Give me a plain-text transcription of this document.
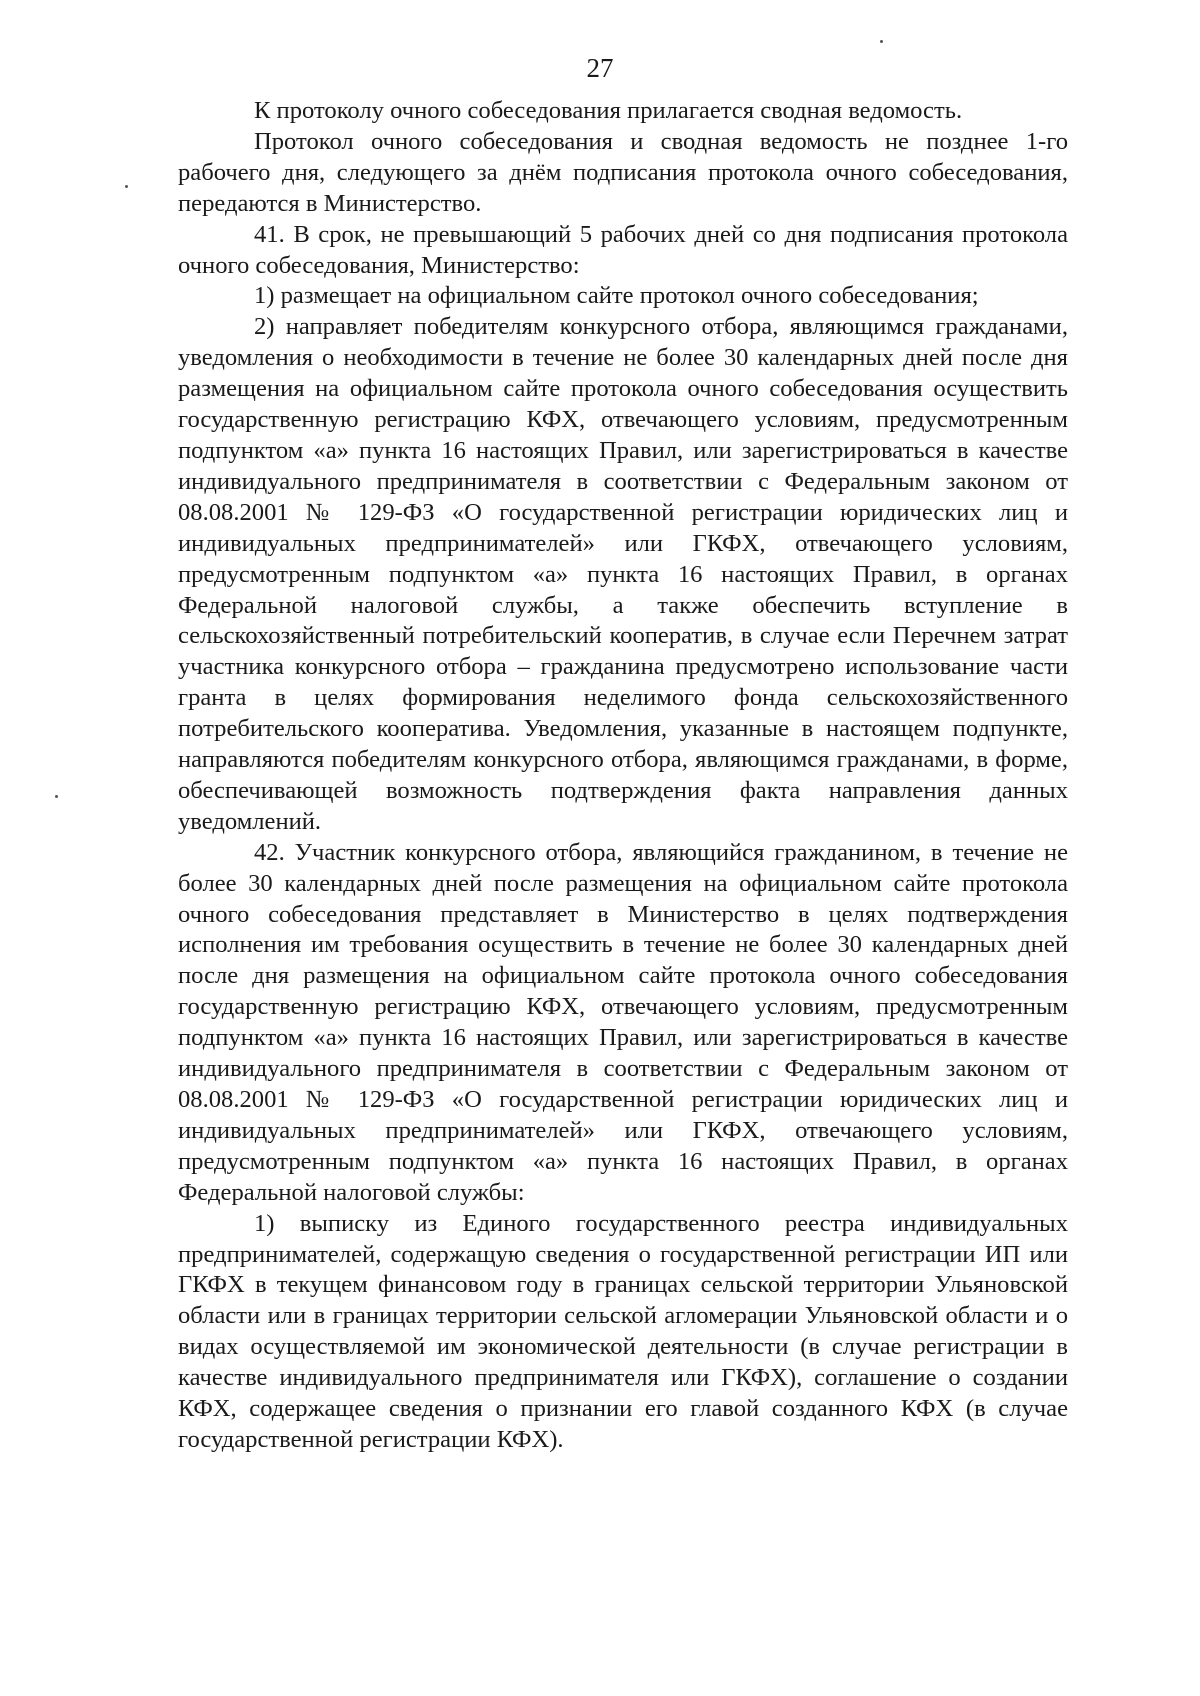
27

К протоколу очного собеседования прилагается сводная ведомость.

Протокол очного собеседования и сводная ведомость не позднее 1-го рабочего дня, следующего за днём подписания протокола очного собеседования, передаются в Министерство.

41. В срок, не превышающий 5 рабочих дней со дня подписания протокола очного собеседования, Министерство:

1) размещает на официальном сайте протокол очного собеседования;

2) направляет победителям конкурсного отбора, являющимся гражданами, уведомления о необходимости в течение не более 30 календарных дней после дня размещения на официальном сайте протокола очного собеседования осуществить государственную регистрацию КФХ, отвечающего условиям, предусмотренным подпунктом «а» пункта 16 настоящих Правил, или зарегистрироваться в качестве индивидуального предпринимателя в соответствии с Федеральным законом от 08.08.2001 № 129-ФЗ «О государственной регистрации юридических лиц и индивидуальных предпринимателей» или ГКФХ, отвечающего условиям, предусмотренным подпунктом «а» пункта 16 настоящих Правил, в органах Федеральной налоговой службы, а также обеспечить вступление в сельскохозяйственный потребительский кооператив, в случае если Перечнем затрат участника конкурсного отбора – гражданина предусмотрено использование части гранта в целях формирования неделимого фонда сельскохозяйственного потребительского кооператива. Уведомления, указанные в настоящем подпункте, направляются победителям конкурсного отбора, являющимся гражданами, в форме, обеспечивающей возможность подтверждения факта направления данных уведомлений.

42. Участник конкурсного отбора, являющийся гражданином, в течение не более 30 календарных дней после размещения на официальном сайте протокола очного собеседования представляет в Министерство в целях подтверждения исполнения им требования осуществить в течение не более 30 календарных дней после дня размещения на официальном сайте протокола очного собеседования государственную регистрацию КФХ, отвечающего условиям, предусмотренным подпунктом «а» пункта 16 настоящих Правил, или зарегистрироваться в качестве индивидуального предпринимателя в соответствии с Федеральным законом от 08.08.2001 № 129-ФЗ «О государственной регистрации юридических лиц и индивидуальных предпринимателей» или ГКФХ, отвечающего условиям, предусмотренным подпунктом «а» пункта 16 настоящих Правил, в органах Федеральной налоговой службы:

1) выписку из Единого государственного реестра индивидуальных предпринимателей, содержащую сведения о государственной регистрации ИП или ГКФХ в текущем финансовом году в границах сельской территории Ульяновской области или в границах территории сельской агломерации Ульяновской области и о видах осуществляемой им экономической деятельности (в случае регистрации в качестве индивидуального предпринимателя или ГКФХ), соглашение о создании КФХ, содержащее сведения о признании его главой созданного КФХ (в случае государственной регистрации КФХ).
